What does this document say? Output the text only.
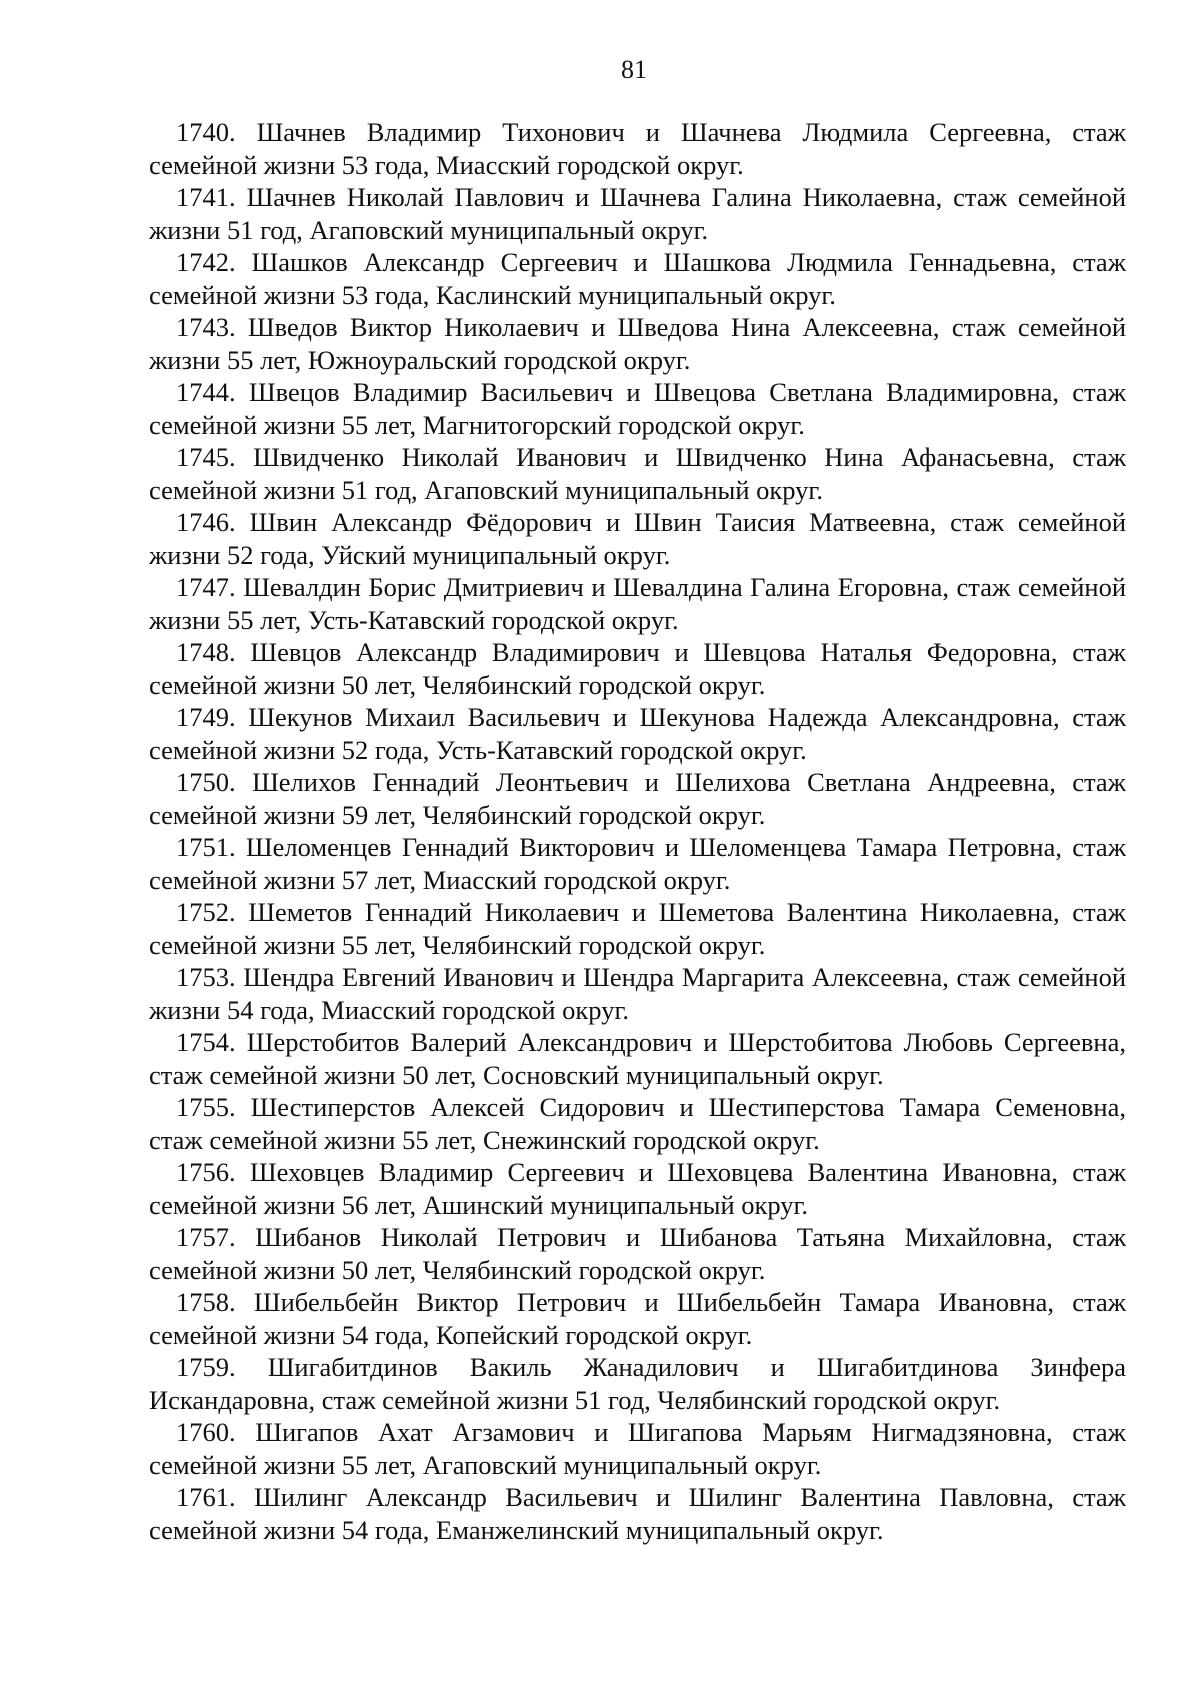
81

1740. Шачнев Владимир Тихонович и Шачнева Людмила Сергеевна, стаж семейной жизни 53 года, Миасский городской округ.

1741. Шачнев Николай Павлович и Шачнева Галина Николаевна, стаж семейной жизни 51 год, Агаповский муниципальный округ.

1742. Шашков Александр Сергеевич и Шашкова Людмила Геннадьевна, стаж семейной жизни 53 года, Каслинский муниципальный округ.

1743. Шведов Виктор Николаевич и Шведова Нина Алексеевна, стаж семейной жизни 55 лет, Южноуральский городской округ.

1744. Швецов Владимир Васильевич и Швецова Светлана Владимировна, стаж семейной жизни 55 лет, Магнитогорский городской округ.

1745. Швидченко Николай Иванович и Швидченко Нина Афанасьевна, стаж семейной жизни 51 год, Агаповский муниципальный округ.

1746. Швин Александр Фёдорович и Швин Таисия Матвеевна, стаж семейной жизни 52 года, Уйский муниципальный округ.

1747. Шевалдин Борис Дмитриевич и Шевалдина Галина Егоровна, стаж семейной жизни 55 лет, Усть-Катавский городской округ.

1748. Шевцов Александр Владимирович и Шевцова Наталья Федоровна, стаж семейной жизни 50 лет, Челябинский городской округ.

1749. Шекунов Михаил Васильевич и Шекунова Надежда Александровна, стаж семейной жизни 52 года, Усть-Катавский городской округ.

1750. Шелихов Геннадий Леонтьевич и Шелихова Светлана Андреевна, стаж семейной жизни 59 лет, Челябинский городской округ.

1751. Шеломенцев Геннадий Викторович и Шеломенцева Тамара Петровна, стаж семейной жизни 57 лет, Миасский городской округ.

1752. Шеметов Геннадий Николаевич и Шеметова Валентина Николаевна, стаж семейной жизни 55 лет, Челябинский городской округ.

1753. Шендра Евгений Иванович и Шендра Маргарита Алексеевна, стаж семейной жизни 54 года, Миасский городской округ.

1754. Шерстобитов Валерий Александрович и Шерстобитова Любовь Сергеевна, стаж семейной жизни 50 лет, Сосновский муниципальный округ.

1755. Шестиперстов Алексей Сидорович и Шестиперстова Тамара Семеновна, стаж семейной жизни 55 лет, Снежинский городской округ.

1756. Шеховцев Владимир Сергеевич и Шеховцева Валентина Ивановна, стаж семейной жизни 56 лет, Ашинский муниципальный округ.

1757. Шибанов Николай Петрович и Шибанова Татьяна Михайловна, стаж семейной жизни 50 лет, Челябинский городской округ.

1758. Шибельбейн Виктор Петрович и Шибельбейн Тамара Ивановна, стаж семейной жизни 54 года, Копейский городской округ.

1759. Шигабитдинов Вакиль Жанадилович и Шигабитдинова Зинфера Искандаровна, стаж семейной жизни 51 год, Челябинский городской округ.

1760. Шигапов Ахат Агзамович и Шигапова Марьям Нигмадзяновна, стаж семейной жизни 55 лет, Агаповский муниципальный округ.

1761. Шилинг Александр Васильевич и Шилинг Валентина Павловна, стаж семейной жизни 54 года, Еманжелинский муниципальный округ.
